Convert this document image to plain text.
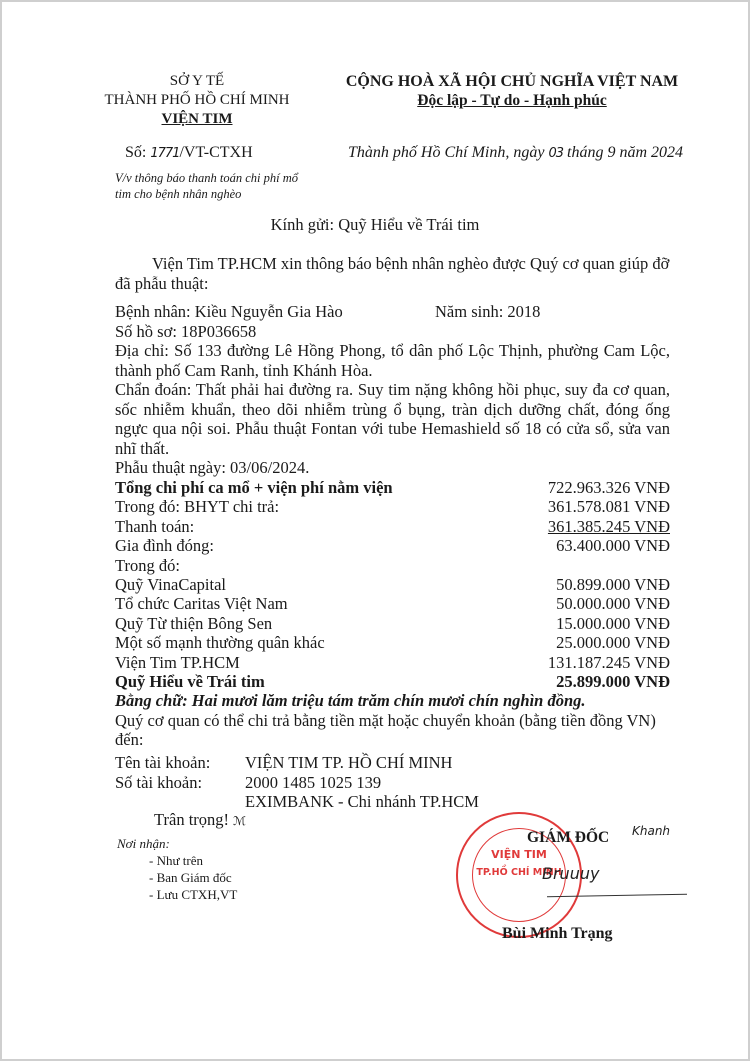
SỞ Y TẾ
THÀNH PHỐ HỒ CHÍ MINH
VIỆN TIM
CỘNG HOÀ XÃ HỘI CHỦ NGHĨA VIỆT NAM
Độc lập - Tự do - Hạnh phúc
Số: 1771/VT-CTXH	Thành phố Hồ Chí Minh, ngày 03 tháng 9 năm 2024
V/v thông báo thanh toán chi phí mổ tim cho bệnh nhân nghèo
Kính gửi: Quỹ Hiểu về Trái tim
Viện Tim TP.HCM xin thông báo bệnh nhân nghèo được Quý cơ quan giúp đỡ đã phẫu thuật:
Bệnh nhân: Kiều Nguyễn Gia Hào	Năm sinh: 2018
Số hồ sơ: 18P036658
Địa chỉ: Số 133 đường Lê Hồng Phong, tổ dân phố Lộc Thịnh, phường Cam Lộc, thành phố Cam Ranh, tỉnh Khánh Hòa.
Chẩn đoán: Thất phải hai đường ra. Suy tim nặng không hồi phục, suy đa cơ quan, sốc nhiễm khuẩn, theo dõi nhiễm trùng ổ bụng, tràn dịch dưỡng chất, đóng ống ngực qua nội soi. Phẫu thuật Fontan với tube Hemashield số 18 có cửa sổ, sửa van nhĩ thất.
Phẫu thuật ngày: 03/06/2024.
Tổng chi phí ca mổ + viện phí nằm viện	722.963.326 VNĐ
Trong đó: BHYT chi trả:	361.578.081 VNĐ
Thanh toán:	361.385.245 VNĐ
Gia đình đóng:	63.400.000 VNĐ
Trong đó:
Quỹ VinaCapital	50.899.000 VNĐ
Tổ chức Caritas Việt Nam	50.000.000 VNĐ
Quỹ Từ thiện Bông Sen	15.000.000 VNĐ
Một số mạnh thường quân khác	25.000.000 VNĐ
Viện Tim TP.HCM	131.187.245 VNĐ
Quỹ Hiểu về Trái tim	25.899.000 VNĐ
Bằng chữ: Hai mươi lăm triệu tám trăm chín mươi chín nghìn đồng.
Quý cơ quan có thể chi trả bằng tiền mặt hoặc chuyển khoản (bằng tiền đồng VN) đến:
Tên tài khoản: VIỆN TIM TP. HỒ CHÍ MINH
Số tài khoản:	2000 1485 1025 139
EXIMBANK - Chi nhánh TP.HCM
Trân trọng! ℳ
Nơi nhận:
- Như trên
- Ban Giám đốc
- Lưu CTXH,VT
VIỆN TIM
TP.HỒ CHÍ MINH
GIÁM ĐỐC Khanh
Bruuuy
Bùi Minh Trạng
